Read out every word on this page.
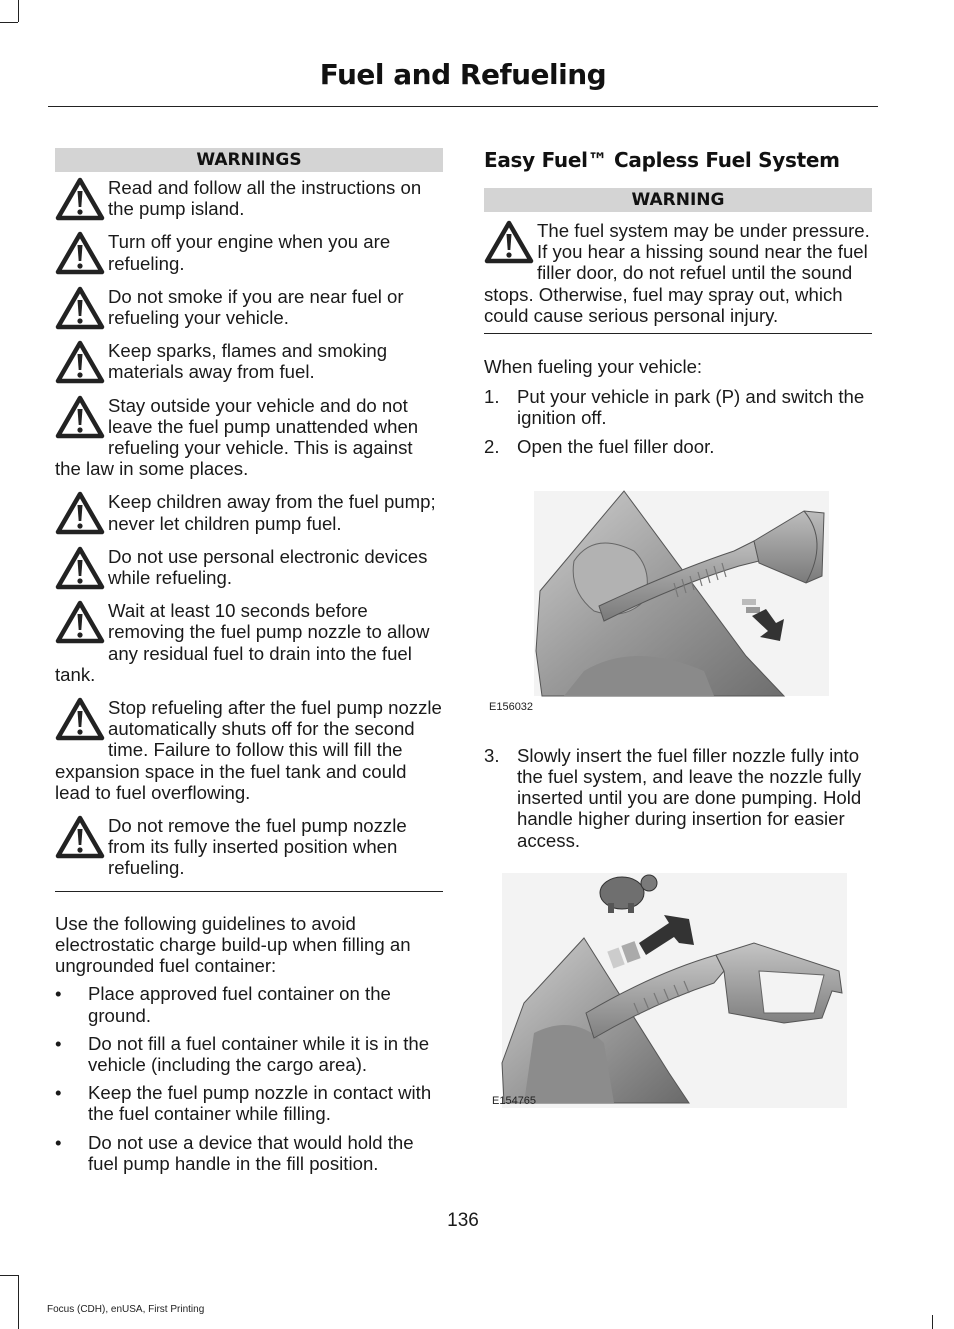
Fuel and Refueling
WARNINGS
Read and follow all the instructions on the pump island.
Turn off your engine when you are refueling.
Do not smoke if you are near fuel or refueling your vehicle.
Keep sparks, flames and smoking materials away from fuel.
Stay outside your vehicle and do not leave the fuel pump unattended when refueling your vehicle. This is against the law in some places.
Keep children away from the fuel pump; never let children pump fuel.
Do not use personal electronic devices while refueling.
Wait at least 10 seconds before removing the fuel pump nozzle to allow any residual fuel to drain into the fuel tank.
Stop refueling after the fuel pump nozzle automatically shuts off for the second time. Failure to follow this will fill the expansion space in the fuel tank and could lead to fuel overflowing.
Do not remove the fuel pump nozzle from its fully inserted position when refueling.
Use the following guidelines to avoid electrostatic charge build-up when filling an ungrounded fuel container:
• Place approved fuel container on the ground.
• Do not fill a fuel container while it is in the vehicle (including the cargo area).
• Keep the fuel pump nozzle in contact with the fuel container while filling.
• Do not use a device that would hold the fuel pump handle in the fill position.
Easy Fuel™ Capless Fuel System
WARNING
The fuel system may be under pressure. If you hear a hissing sound near the fuel filler door, do not refuel until the sound stops. Otherwise, fuel may spray out, which could cause serious personal injury.
When fueling your vehicle:
1. Put your vehicle in park (P) and switch the ignition off.
2. Open the fuel filler door.
E156032
3. Slowly insert the fuel filler nozzle fully into the fuel system, and leave the nozzle fully inserted until you are done pumping. Hold handle higher during insertion for easier access.
E154765
136
Focus (CDH), enUSA, First Printing
